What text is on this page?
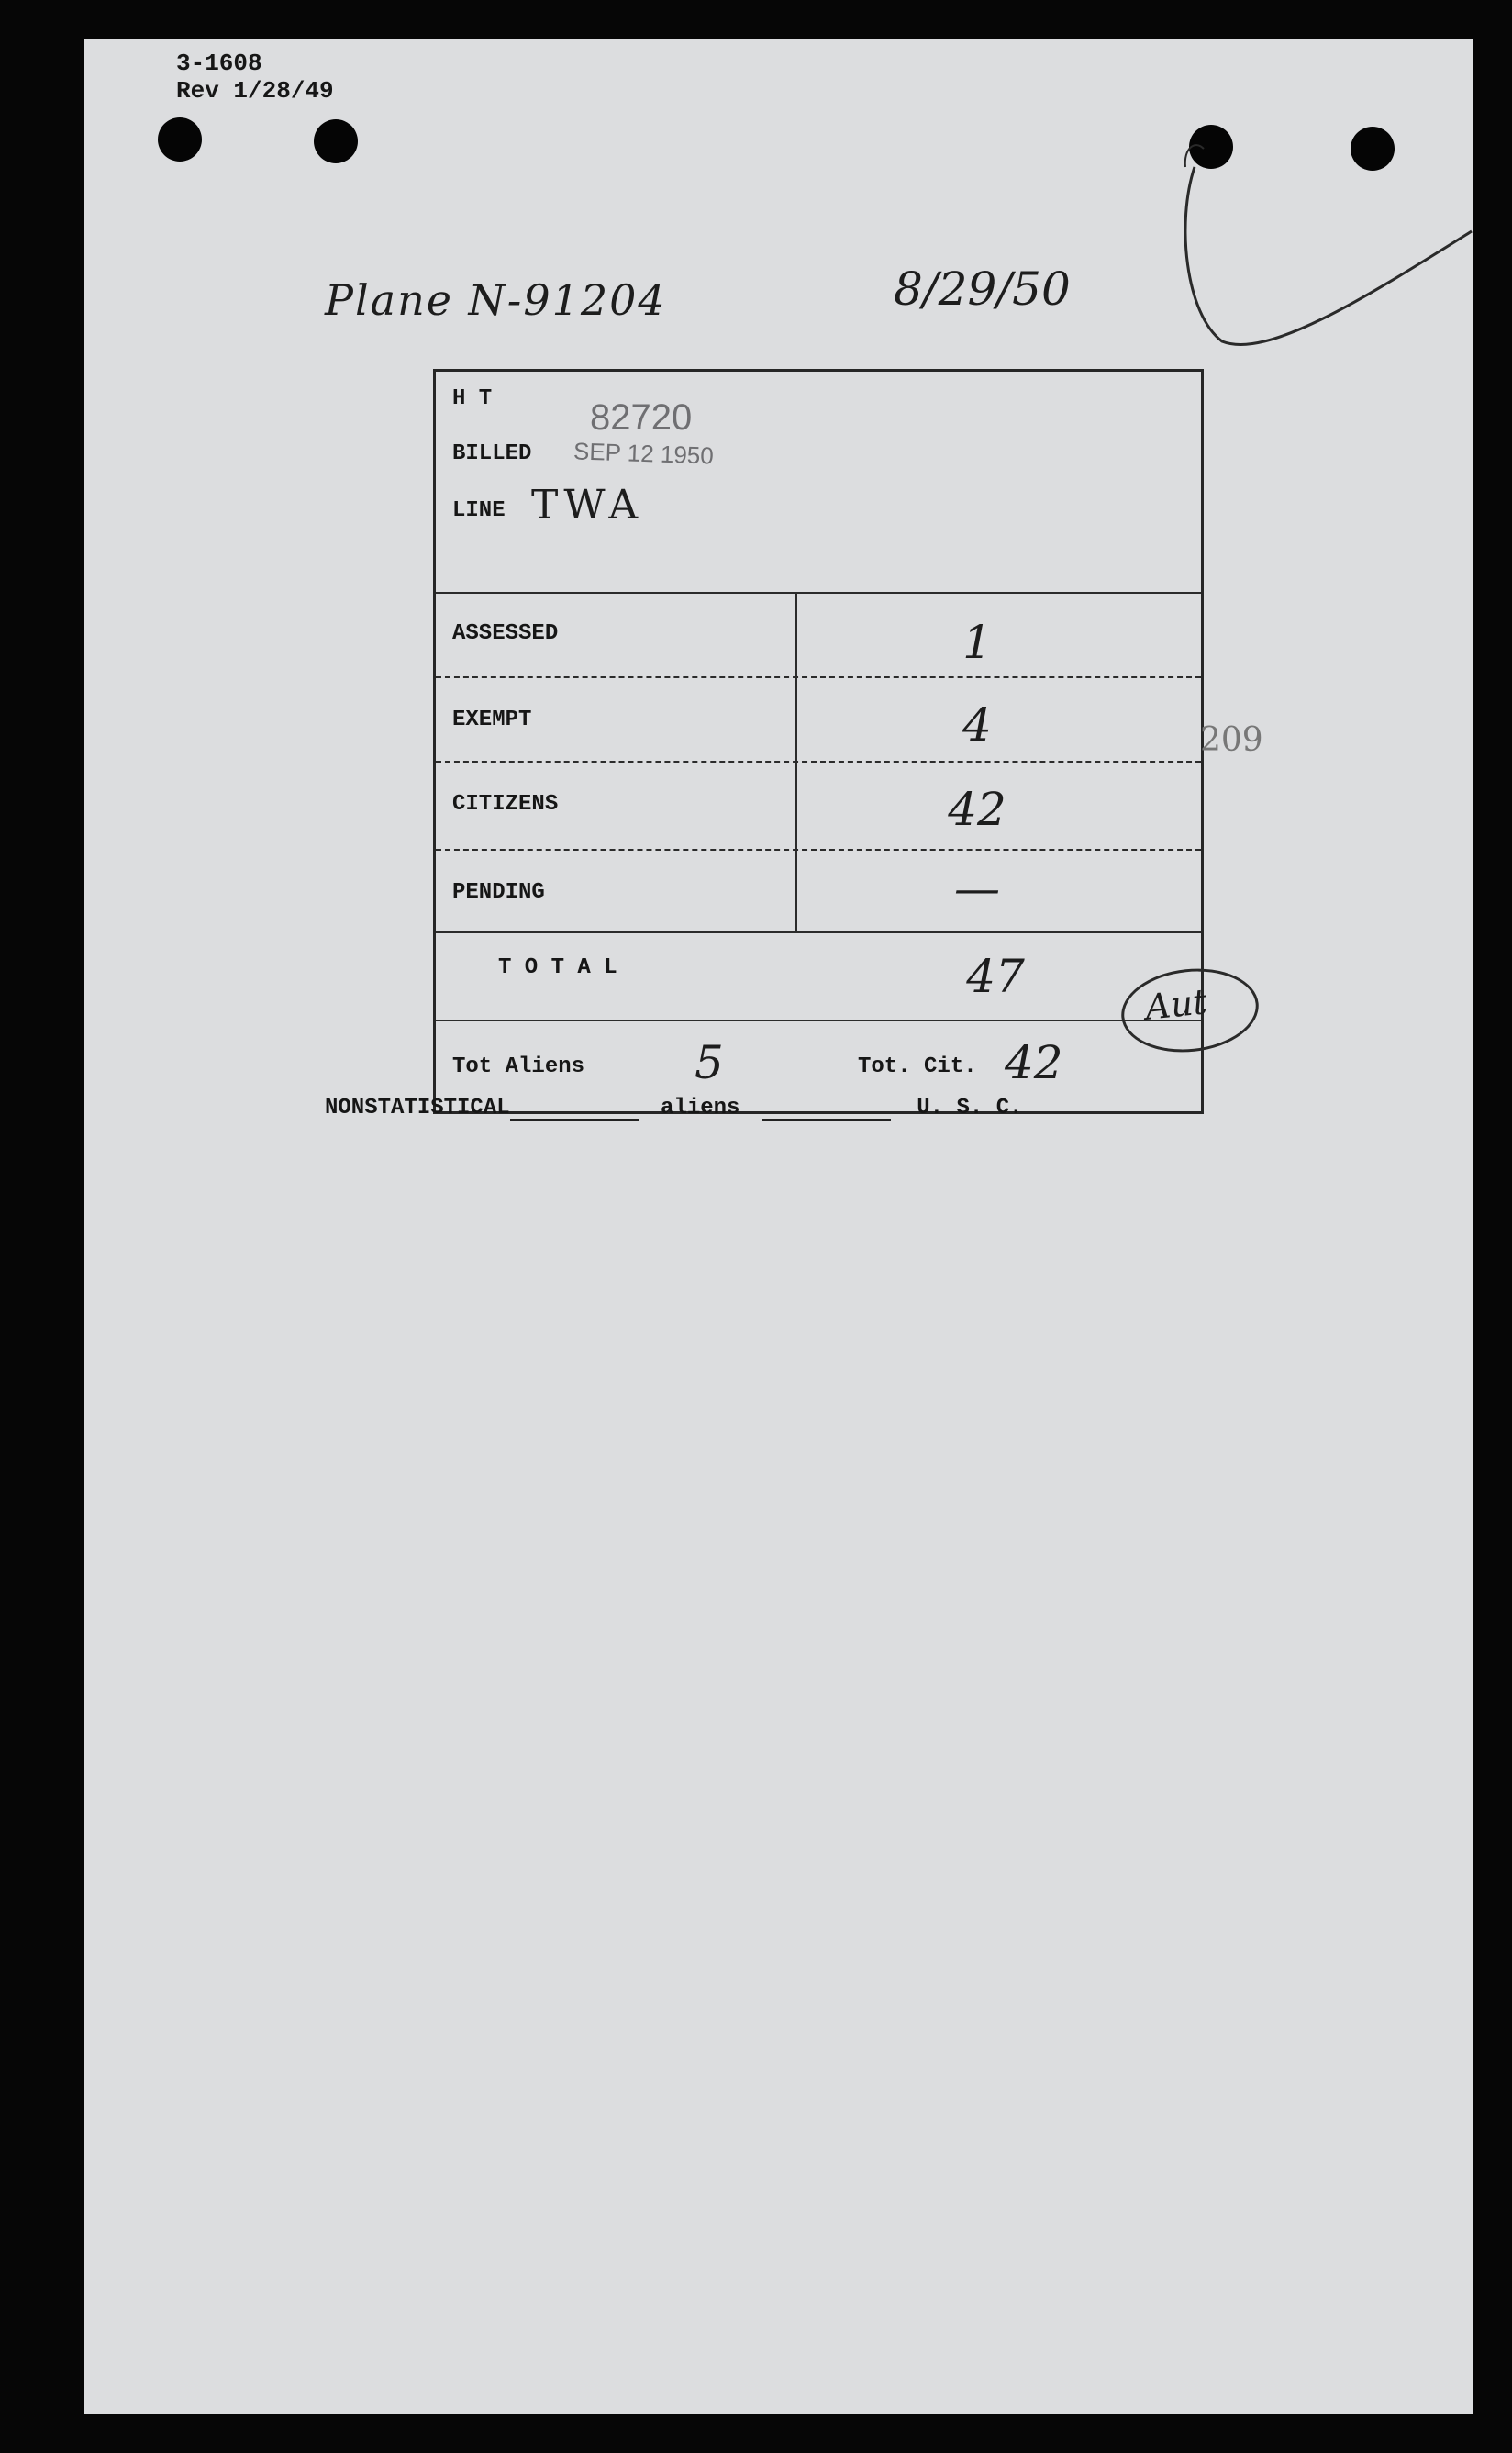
3-1608
Rev 1/28/49
Plane N-91204	8/29/50
H T
BILLED
82720
SEP 12 1950
LINE TWA
ASSESSED	1
EXEMPT	4
CITIZENS	42
PENDING	—
T O T A L	47
Tot Aliens 5	Tot. Cit. 42
Aut
209
NONSTATISTICAL	aliens	U. S. C.
